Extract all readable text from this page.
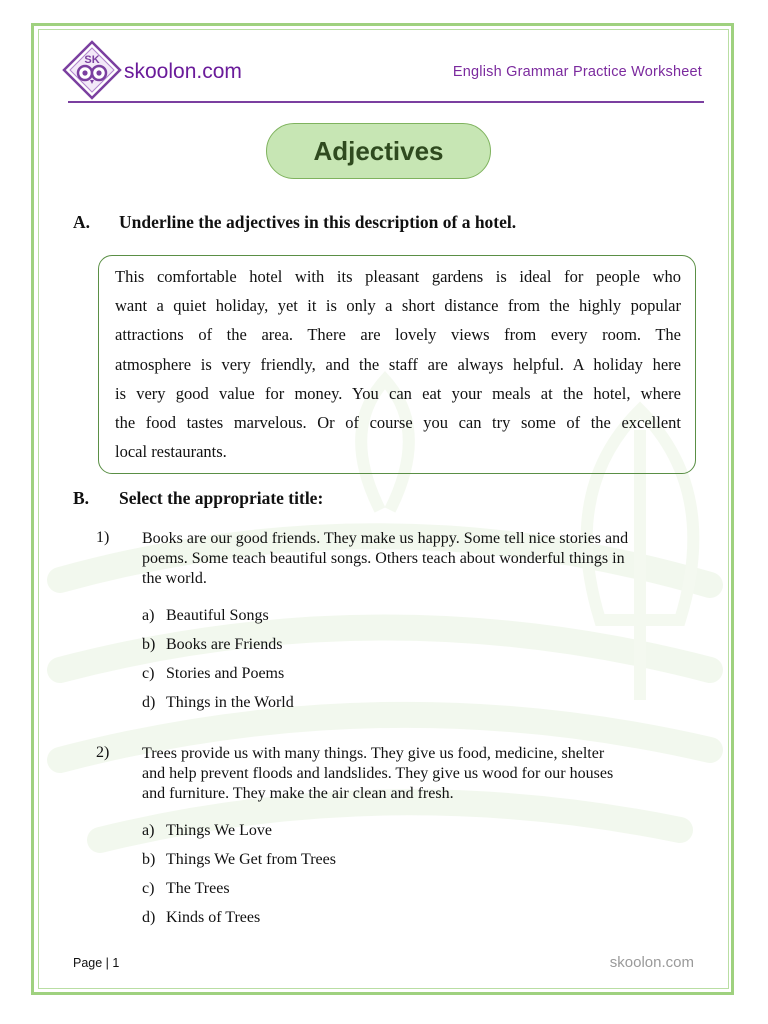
SK skoolon.com	English Grammar Practice Worksheet
Adjectives
A. Underline the adjectives in this description of a hotel.

This comfortable hotel with its pleasant gardens is ideal for people who

want a quiet holiday, yet it is only a short distance from the highly popular

attractions of the area. There are lovely views from every room. The

atmosphere is very friendly, and the staff are always helpful. A holiday here

is very good value for money. You can eat your meals at the hotel, where

the food tastes marvelous. Or of course you can try some of the excellent

local restaurants.

B. Select the appropriate title:
1) Books are our good friends. They make us happy. Some tell nice stories and
poems. Some teach beautiful songs. Others teach about wonderful things in
the world.
a) Beautiful Songs
b) Books are Friends
c) Stories and Poems
d) Things in the World
2) Trees provide us with many things. They give us food, medicine, shelter
and help prevent floods and landslides. They give us wood for our houses
and furniture. They make the air clean and fresh.
a) Things We Love
b) Things We Get from Trees
c) The Trees
d) Kinds of Trees
Page | 1	skoolon.com
